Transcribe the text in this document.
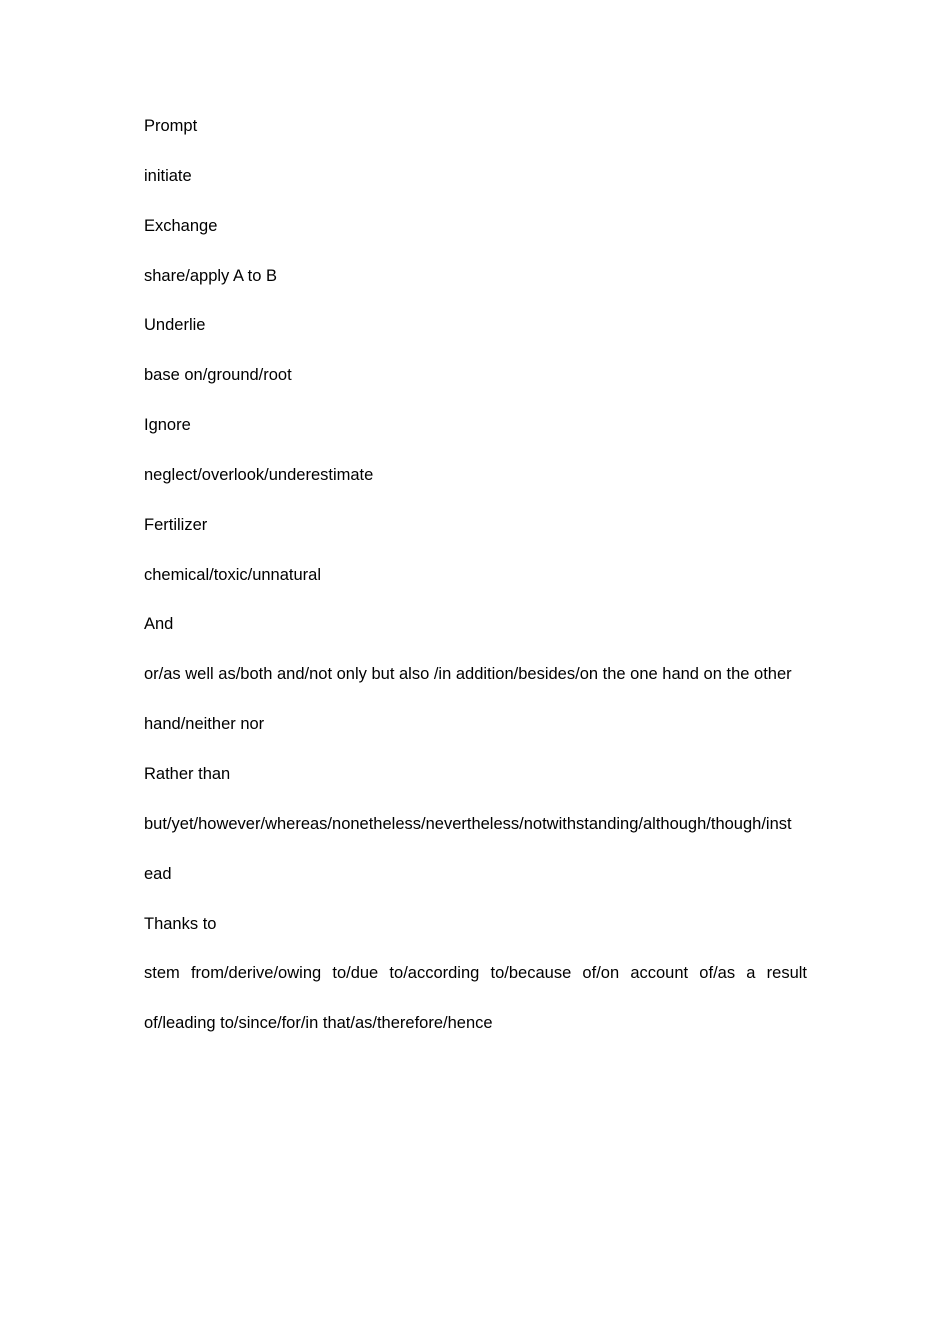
Prompt
initiate
Exchange
share/apply A to B
Underlie
base on/ground/root
Ignore
neglect/overlook/underestimate
Fertilizer
chemical/toxic/unnatural
And
or/as well as/both and/not only but also /in addition/besides/on the one hand on the other
hand/neither nor
Rather than
but/yet/however/whereas/nonetheless/nevertheless/notwithstanding/although/though/inst
ead
Thanks to
stem from/derive/owing to/due to/according to/because of/on account of/as a result
of/leading to/since/for/in that/as/therefore/hence
